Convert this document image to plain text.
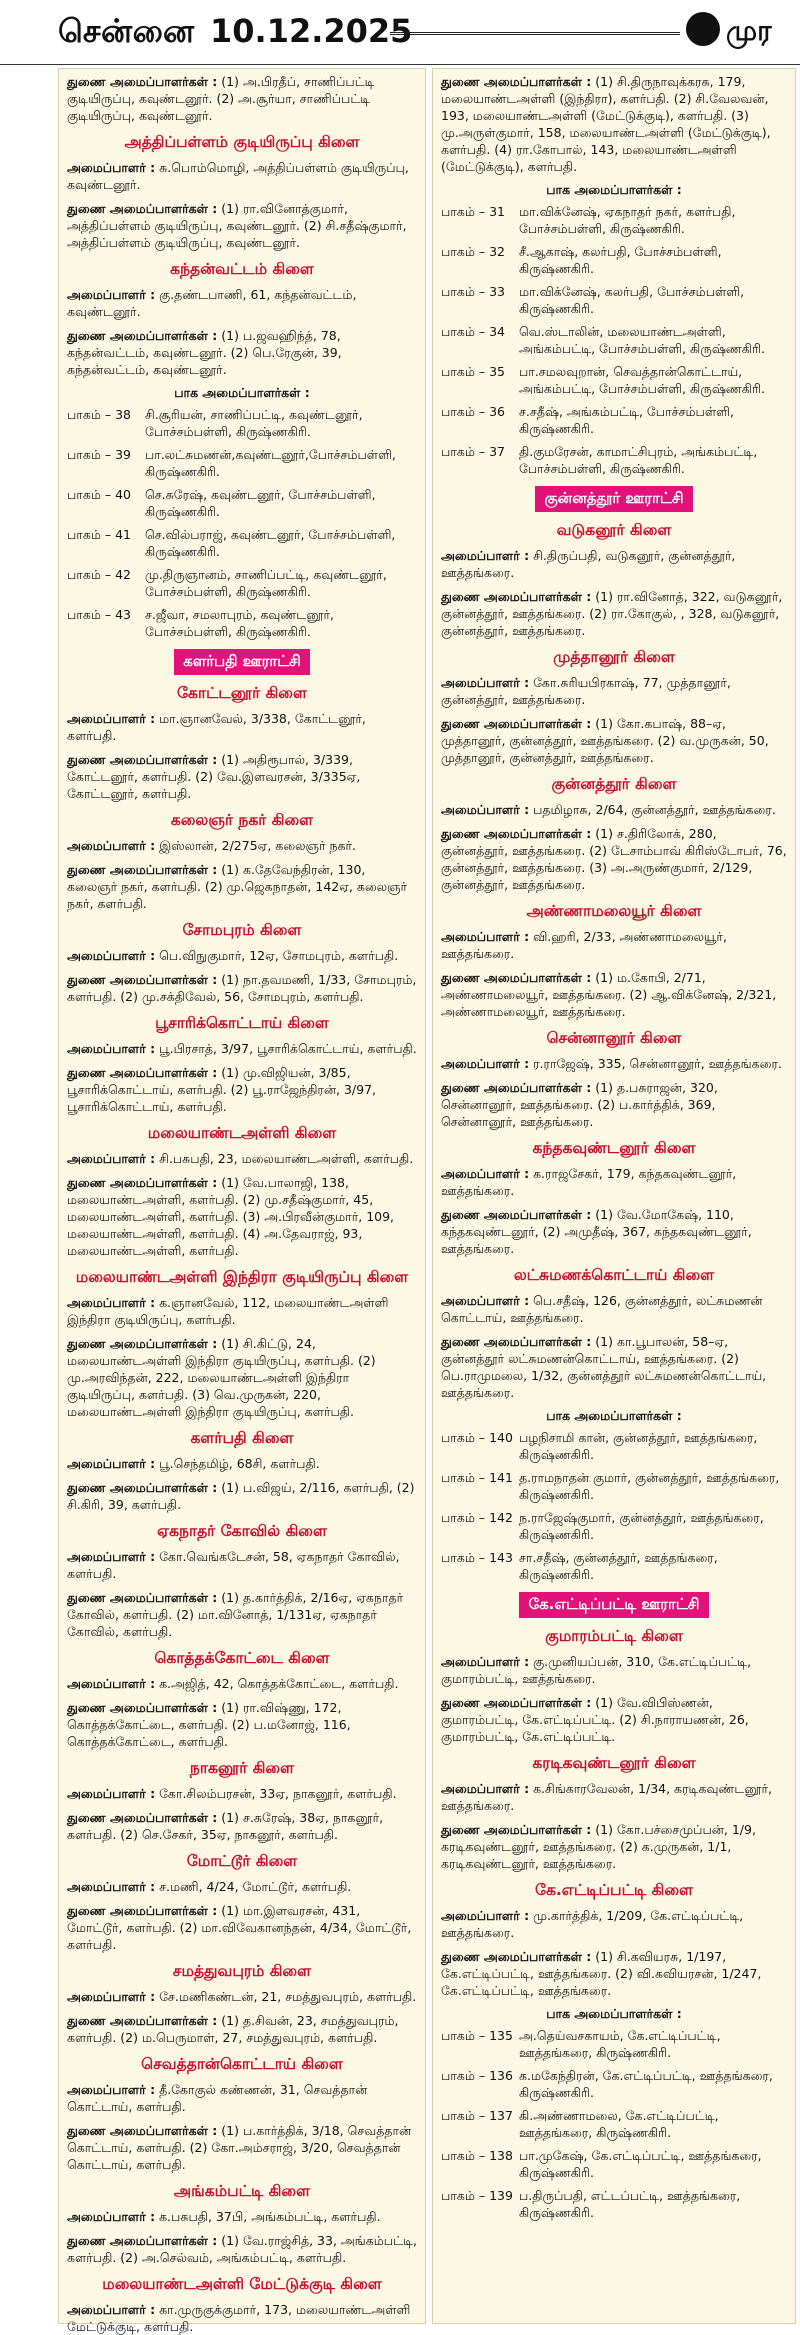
சென்னை 10.12.2025	முர

துணை அமைப்பாளர்கள் : (1) அ.பிரதீப், சாணிப்பட்டி குடியிருப்பு, கவுண்டனூர். (2) அ.சூர்யா, சாணிப்பட்டி குடியிருப்பு, கவுண்டனூர்.

அத்திப்பள்ளம் குடியிருப்பு கிளை

அமைப்பாளர் : சு.பொம்மொழி, அத்திப்பள்ளம் குடியிருப்பு, கவுண்டனூர்.

துணை அமைப்பாளர்கள் : (1) ரா.வினோத்குமார், அத்திப்பள்ளம் குடியிருப்பு, கவுண்டனூர். (2) சி.சதீஷ்குமார், அத்திப்பள்ளம் குடியிருப்பு, கவுண்டனூர்.

கந்தன்வட்டம் கிளை

அமைப்பாளர் : கு.தண்டபாணி, 61, கந்தன்வட்டம், கவுண்டனூர்.

துணை அமைப்பாளர்கள் : (1) ப.ஜவஹிந்த், 78, கந்தன்வட்டம், கவுண்டனூர். (2) பெ.ரேகுன், 39, கந்தன்வட்டம், கவுண்டனூர்.

பாக அமைப்பாளர்கள் :
பாகம் – 38	சி.சூரியன், சாணிப்பட்டி, கவுண்டனூர், போச்சம்பள்ளி, கிருஷ்ணகிரி.
பாகம் – 39	பா.லட்சுமணன்,கவுண்டனூர்,போச்சம்பள்ளி, கிருஷ்ணகிரி.
பாகம் – 40	செ.சுரேஷ், கவுண்டனூர், போச்சம்பள்ளி, கிருஷ்ணகிரி.
பாகம் – 41	செ.வில்பராஜ், கவுண்டனூர், போச்சம்பள்ளி, கிருஷ்ணகிரி.
பாகம் – 42	மு.திருஞானம், சாணிப்பட்டி, கவுண்டனூர், போச்சம்பள்ளி, கிருஷ்ணகிரி.
பாகம் – 43	ச.ஜீவா, சமலாபுரம், கவுண்டனூர், போச்சம்பள்ளி, கிருஷ்ணகிரி.
களர்பதி ஊராட்சி
கோட்டனூர் கிளை

அமைப்பாளர் : மா.ஞானவேல், 3/338, கோட்டனூர், களர்பதி.

துணை அமைப்பாளர்கள் : (1) அதிரூபால், 3/339, கோட்டனூர், களர்பதி. (2) வே.இளவரசன், 3/335ஏ, கோட்டனூர், களர்பதி.

கலைஞர் நகர் கிளை

அமைப்பாளர் : இஸ்லான், 2/275ஏ, கலைஞர் நகர்.

துணை அமைப்பாளர்கள் : (1) க.தேவேந்திரன், 130, கலைஞர் நகர், களர்பதி. (2) மு.ஜெகநாதன், 142ஏ, கலைஞர் நகர், களர்பதி.

சோமபுரம் கிளை

அமைப்பாளர் : பெ.விநுகுமார், 12ஏ, சோமபுரம், களர்பதி.

துணை அமைப்பாளர்கள் : (1) நா.தவமணி, 1/33, சோமபுரம், களர்பதி. (2) மு.சக்திவேல், 56, சோமபுரம், களர்பதி.

பூசாரிக்கொட்டாய் கிளை

அமைப்பாளர் : பூ.பிரசாத், 3/97, பூசாரிக்கொட்டாய், களர்பதி.

துணை அமைப்பாளர்கள் : (1) மு.விஜியன், 3/85, பூசாரிக்கொட்டாய், களர்பதி. (2) பூ.ராஜேந்திரன், 3/97, பூசாரிக்கொட்டாய், களர்பதி.

மலையாண்டஅள்ளி கிளை

அமைப்பாளர் : சி.பசுபதி, 23, மலையாண்டஅள்ளி, களர்பதி.

துணை அமைப்பாளர்கள் : (1) வே.பாலாஜி, 138, மலையாண்டஅள்ளி, களர்பதி. (2) மு.சதீஷ்குமார், 45, மலையாண்டஅள்ளி, களர்பதி. (3) அ.பிரவீன்குமார், 109, மலையாண்டஅள்ளி, களர்பதி. (4) அ.தேவராஜ், 93, மலையாண்டஅள்ளி, களர்பதி.

மலையாண்டஅள்ளி இந்திரா குடியிருப்பு கிளை

அமைப்பாளர் : க.ஞானவேல், 112, மலையாண்டஅள்ளி இந்திரா குடியிருப்பு, களர்பதி.

துணை அமைப்பாளர்கள் : (1) சி.கிட்டு, 24, மலையாண்டஅள்ளி இந்திரா குடியிருப்பு, களர்பதி. (2) மு.அரவிந்தன், 222, மலையாண்டஅள்ளி இந்திரா குடியிருப்பு, களர்பதி. (3) வெ.முருகன், 220, மலையாண்டஅள்ளி இந்திரா குடியிருப்பு, களர்பதி.

களர்பதி கிளை

அமைப்பாளர் : பூ.செந்தமிழ், 68சி, களர்பதி.

துணை அமைப்பாளர்கள் : (1) ப.விஜய், 2/116, களர்பதி, (2) சி.கிரி, 39, களர்பதி.

ஏகநாதர் கோவில் கிளை

அமைப்பாளர் : கோ.வெங்கடேசன், 58, ஏகநாதர் கோவில், களர்பதி.

துணை அமைப்பாளர்கள் : (1) த.கார்த்திக், 2/16ஏ, ஏகநாதர் கோவில், களர்பதி. (2) மா.வினோத், 1/131ஏ, ஏகநாதர் கோவில், களர்பதி.

கொத்தக்கோட்டை கிளை

அமைப்பாளர் : க.அஜித், 42, கொத்தக்கோட்டை, களர்பதி.

துணை அமைப்பாளர்கள் : (1) ரா.விஷ்ணு, 172, கொத்தக்கோட்டை, களர்பதி. (2) ப.மனோஜ், 116, கொத்தக்கோட்டை, களர்பதி.

நாகனூர் கிளை

அமைப்பாளர் : கோ.சிலம்பரசன், 33ஏ, நாகனூர், களர்பதி.

துணை அமைப்பாளர்கள் : (1) ச.சுரேஷ், 38ஏ, நாகனூர், களர்பதி. (2) செ.சேகர், 35ஏ, நாகனூர், களர்பதி.

மோட்டூர் கிளை

அமைப்பாளர் : ச.மணி, 4/24, மோட்டூர், களர்பதி.

துணை அமைப்பாளர்கள் : (1) மா.இளவரசன், 431, மோட்டூர், களர்பதி. (2) மா.விவேகானந்தன், 4/34, மோட்டூர், களர்பதி.

சமத்துவபுரம் கிளை

அமைப்பாளர் : சே.மணிகண்டன், 21, சமத்துவபுரம், களர்பதி.

துணை அமைப்பாளர்கள் : (1) த.சிவன், 23, சமத்துவபுரம், களர்பதி. (2) ம.பெருமாள், 27, சமத்துவபுரம், களர்பதி.

செவத்தான்கொட்டாய் கிளை

அமைப்பாளர் : தீ.கோகுல் கண்ணன், 31, செவத்தான் கொட்டாய், களர்பதி.

துணை அமைப்பாளர்கள் : (1) ப.கார்த்திக், 3/18, செவத்தான் கொட்டாய், களர்பதி. (2) கோ.அம்சராஜ், 3/20, செவத்தான் கொட்டாய், களர்பதி.

அங்கம்பட்டி கிளை

அமைப்பாளர் : க.பசுபதி, 37பி, அங்கம்பட்டி, களர்பதி.

துணை அமைப்பாளர்கள் : (1) வே.ராஜ்சித், 33, அங்கம்பட்டி, களர்பதி. (2) அ.செல்வம், அங்கம்பட்டி, களர்பதி.

மலையாண்டஅள்ளி மேட்டுக்குடி கிளை

அமைப்பாளர் : கா.முருகுக்குமார், 173, மலையாண்டஅள்ளி மேட்டுக்குடி, களர்பதி.

துணை அமைப்பாளர்கள் : (1) சி.திருநாவுக்கரசு, 179, மலையாண்டஅள்ளி (இந்திரா), களர்பதி. (2) சி.வேலவன், 193, மலையாண்டஅள்ளி (மேட்டுக்குடி), களர்பதி. (3) மு.அருள்குமார், 158, மலையாண்டஅள்ளி (மேட்டுக்குடி), களர்பதி. (4) ரா.கோபால், 143, மலையாண்டஅள்ளி (மேட்டுக்குடி), களர்பதி.

பாக அமைப்பாளர்கள் :
பாகம் – 31	மா.விக்னேஷ், ஏகநாதர் நகர், களர்பதி, போச்சம்பள்ளி, கிருஷ்ணகிரி.
பாகம் – 32	சீ.ஆகாஷ், கலர்பதி, போச்சம்பள்ளி, கிருஷ்ணகிரி.
பாகம் – 33	மா.விக்னேஷ், கலர்பதி, போச்சம்பள்ளி, கிருஷ்ணகிரி.
பாகம் – 34	வெ.ஸ்டாலின், மலையாண்டஅள்ளி, அங்கம்பட்டி, போச்சம்பள்ளி, கிருஷ்ணகிரி.
பாகம் – 35	பா.சமலவுறான், செவத்தான்கொட்டாய், அங்கம்பட்டி, போச்சம்பள்ளி, கிருஷ்ணகிரி.
பாகம் – 36	ச.சதீஷ், அங்கம்பட்டி, போச்சம்பள்ளி, கிருஷ்ணகிரி.
பாகம் – 37	தி.குமரேசன், காமாட்சிபுரம், அங்கம்பட்டி, போச்சம்பள்ளி, கிருஷ்ணகிரி.
குன்னத்தூர் ஊராட்சி
வடுகனூர் கிளை

அமைப்பாளர் : சி.திருப்பதி, வடுகனூர், குன்னத்தூர், ஊத்தங்கரை.

துணை அமைப்பாளர்கள் : (1) ரா.வினோத், 322, வடுகனூர், குன்னத்தூர், ஊத்தங்கரை. (2) ரா.கோகுல், , 328, வடுகனூர், குன்னத்தூர், ஊத்தங்கரை.

முத்தானூர் கிளை

அமைப்பாளர் : கோ.சுரியபிரகாஷ், 77, முத்தானூர், குன்னத்தூர், ஊத்தங்கரை.

துணை அமைப்பாளர்கள் : (1) கோ.கபாஷ், 88–ஏ, முத்தானூர், குன்னத்தூர், ஊத்தங்கரை. (2) வ.முருகன், 50, முத்தானூர், குன்னத்தூர், ஊத்தங்கரை.

குன்னத்தூர் கிளை

அமைப்பாளர் : பதமிழாசு, 2/64, குன்னத்தூர், ஊத்தங்கரை.

துணை அமைப்பாளர்கள் : (1) ச.திரிலோக், 280, குன்னத்தூர், ஊத்தங்கரை. (2) டேசாம்பாவ் கிரிஸ்டோபர், 76, குன்னத்தூர், ஊத்தங்கரை. (3) அ.அருண்குமார், 2/129, குன்னத்தூர், ஊத்தங்கரை.

அண்ணாமலையூர் கிளை

அமைப்பாளர் : வி.ஹரி, 2/33, அண்ணாமலையூர், ஊத்தங்கரை.

துணை அமைப்பாளர்கள் : (1) ம.கோபி, 2/71, அண்ணாமலையூர், ஊத்தங்கரை. (2) ஆ.விக்னேஷ், 2/321, அண்ணாமலையூர், ஊத்தங்கரை.

சென்னானூர் கிளை

அமைப்பாளர் : ர.ராஜேஷ், 335, சென்னானூர், ஊத்தங்கரை.

துணை அமைப்பாளர்கள் : (1) த.பசுராஜன், 320, சென்னானூர், ஊத்தங்கரை. (2) ப.கார்த்திக், 369, சென்னானூர், ஊத்தங்கரை.

கந்தகவுண்டனூர் கிளை

அமைப்பாளர் : க.ராஜசேகர், 179, கந்தகவுண்டனூர், ஊத்தங்கரை.

துணை அமைப்பாளர்கள் : (1) வே.மோகேஷ், 110, கந்தகவுண்டனூர், (2) அமுதீஷ், 367, கந்தகவுண்டனூர், ஊத்தங்கரை.

லட்சுமணக்கொட்டாய் கிளை

அமைப்பாளர் : பெ.சதீஷ், 126, குன்னத்தூர், லட்சுமணன் கொட்டாய், ஊத்தங்கரை.

துணை அமைப்பாளர்கள் : (1) கா.பூபாலன், 58–ஏ, குன்னத்தூர் லட்சுமணன்கொட்டாய், ஊத்தங்கரை. (2) பெ.ராமுமலை, 1/32, குன்னத்தூர் லட்சுமணன்கொட்டாய், ஊத்தங்கரை.

பாக அமைப்பாளர்கள் :
பாகம் – 140 பழநிசாமி கான், குன்னத்தூர், ஊத்தங்கரை, கிருஷ்ணகிரி.
பாகம் – 141 த.ராமநாதன் குமார், குன்னத்தூர், ஊத்தங்கரை, கிருஷ்ணகிரி.
பாகம் – 142 ந.ராஜேஷ்குமார், குன்னத்தூர், ஊத்தங்கரை, கிருஷ்ணகிரி.
பாகம் – 143 சா.சதீஷ், குன்னத்தூர், ஊத்தங்கரை, கிருஷ்ணகிரி.
கே.எட்டிப்பட்டி ஊராட்சி
குமாரம்பட்டி கிளை

அமைப்பாளர் : கு.முனியப்பன், 310, கே.எட்டிப்பட்டி, குமாரம்பட்டி, ஊத்தங்கரை.

துணை அமைப்பாளர்கள் : (1) வே.விபிஸ்ணன், குமாரம்பட்டி, கே.எட்டிப்பட்டி. (2) சி.நாராயணன், 26, குமாரம்பட்டி, கே.எட்டிப்பட்டி.

கரடிகவுண்டனூர் கிளை

அமைப்பாளர் : க.சிங்காரவேலன், 1/34, கரடிகவுண்டனூர், ஊத்தங்கரை.

துணை அமைப்பாளர்கள் : (1) கோ.பச்சைமுப்பன், 1/9, கரடிகவுண்டனூர், ஊத்தங்கரை. (2) க.முருகன், 1/1, கரடிகவுண்டனூர், ஊத்தங்கரை.

கே.எட்டிப்பட்டி கிளை

அமைப்பாளர் : மு.கார்த்திக், 1/209, கே.எட்டிப்பட்டி, ஊத்தங்கரை.

துணை அமைப்பாளர்கள் : (1) சி.கவியரசு, 1/197, கே.எட்டிப்பட்டி, ஊத்தங்கரை. (2) வி.கவியரசன், 1/247, கே.எட்டிப்பட்டி, ஊத்தங்கரை.

பாக அமைப்பாளர்கள் :
பாகம் – 135 அ.தெய்வசகாயம், கே.எட்டிப்பட்டி, ஊத்தங்கரை, கிருஷ்ணகிரி.
பாகம் – 136 க.மகேந்திரன், கே.எட்டிப்பட்டி, ஊத்தங்கரை, கிருஷ்ணகிரி.
பாகம் – 137 கி.அண்ணாமலை, கே.எட்டிப்பட்டி, ஊத்தங்கரை, கிருஷ்ணகிரி.
பாகம் – 138 பா.முகேஷ், கே.எட்டிப்பட்டி, ஊத்தங்கரை, கிருஷ்ணகிரி.
பாகம் – 139 ப.திருப்பதி, எட்டப்பட்டி, ஊத்தங்கரை, கிருஷ்ணகிரி.
